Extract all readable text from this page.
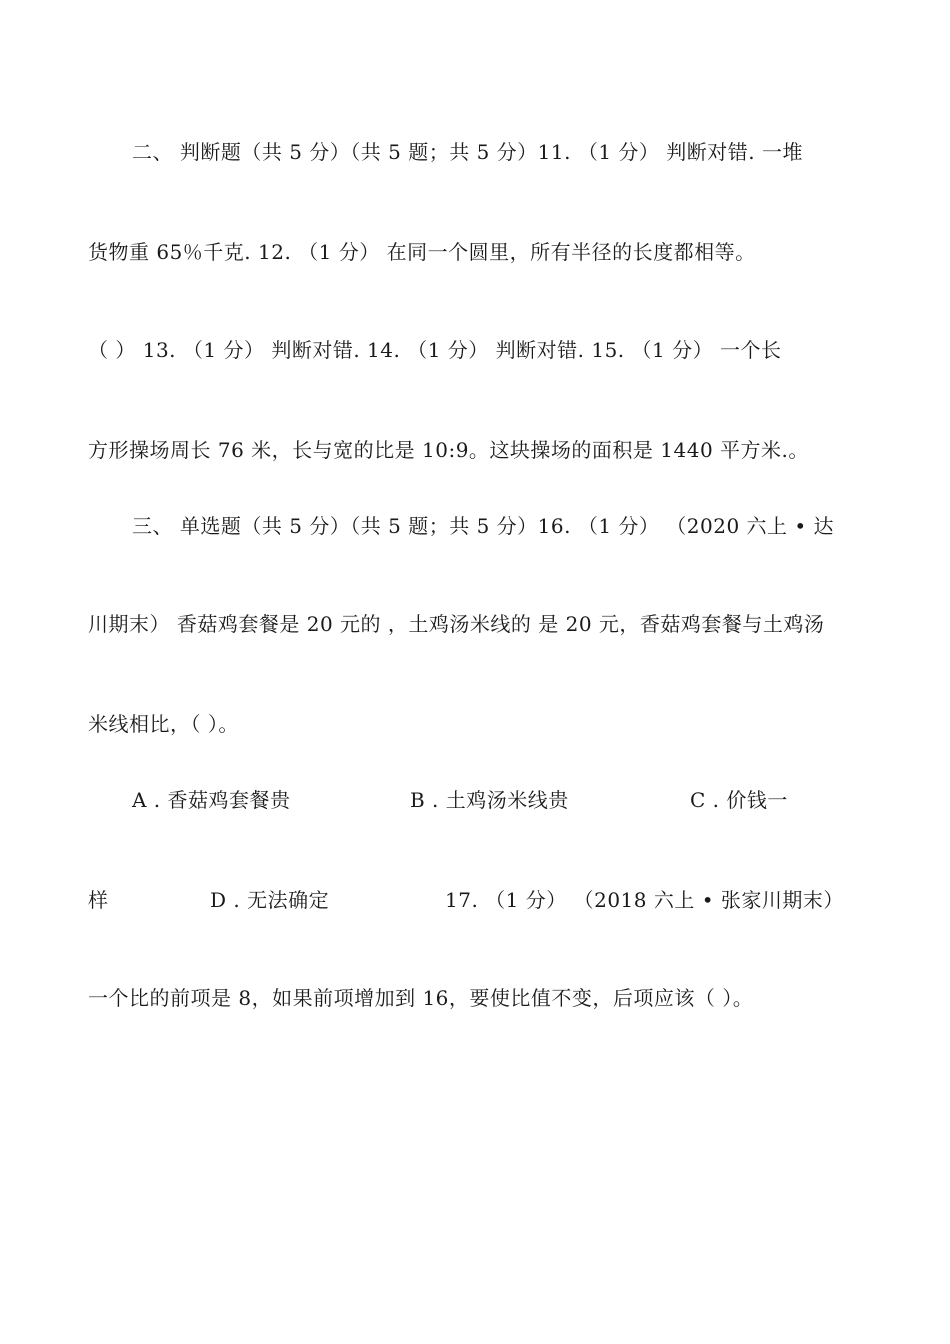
二、 判断题（共 5 分）（共 5 题；共 5 分）11. （1 分） 判断对错. 一堆
货物重 65％千克. 12. （1 分） 在同一个圆里，所有半径的长度都相等。
（ ） 13. （1 分） 判断对错. 14. （1 分） 判断对错. 15. （1 分） 一个长
方形操场周长 76 米，长与宽的比是 10:9。这块操场的面积是 1440 平方米.。
三、 单选题（共 5 分）（共 5 题；共 5 分）16. （1 分） （2020 六上 • 达
川期末） 香菇鸡套餐是 20 元的 ，土鸡汤米线的 是 20 元，香菇鸡套餐与土鸡汤
米线相比，（ ）。
A . 香菇鸡套餐贵	B . 土鸡汤米线贵	C . 价钱一
样	D . 无法确定	17. （1 分） （2018 六上 • 张家川期末）
一个比的前项是 8，如果前项增加到 16，要使比值不变，后项应该（ ）。
